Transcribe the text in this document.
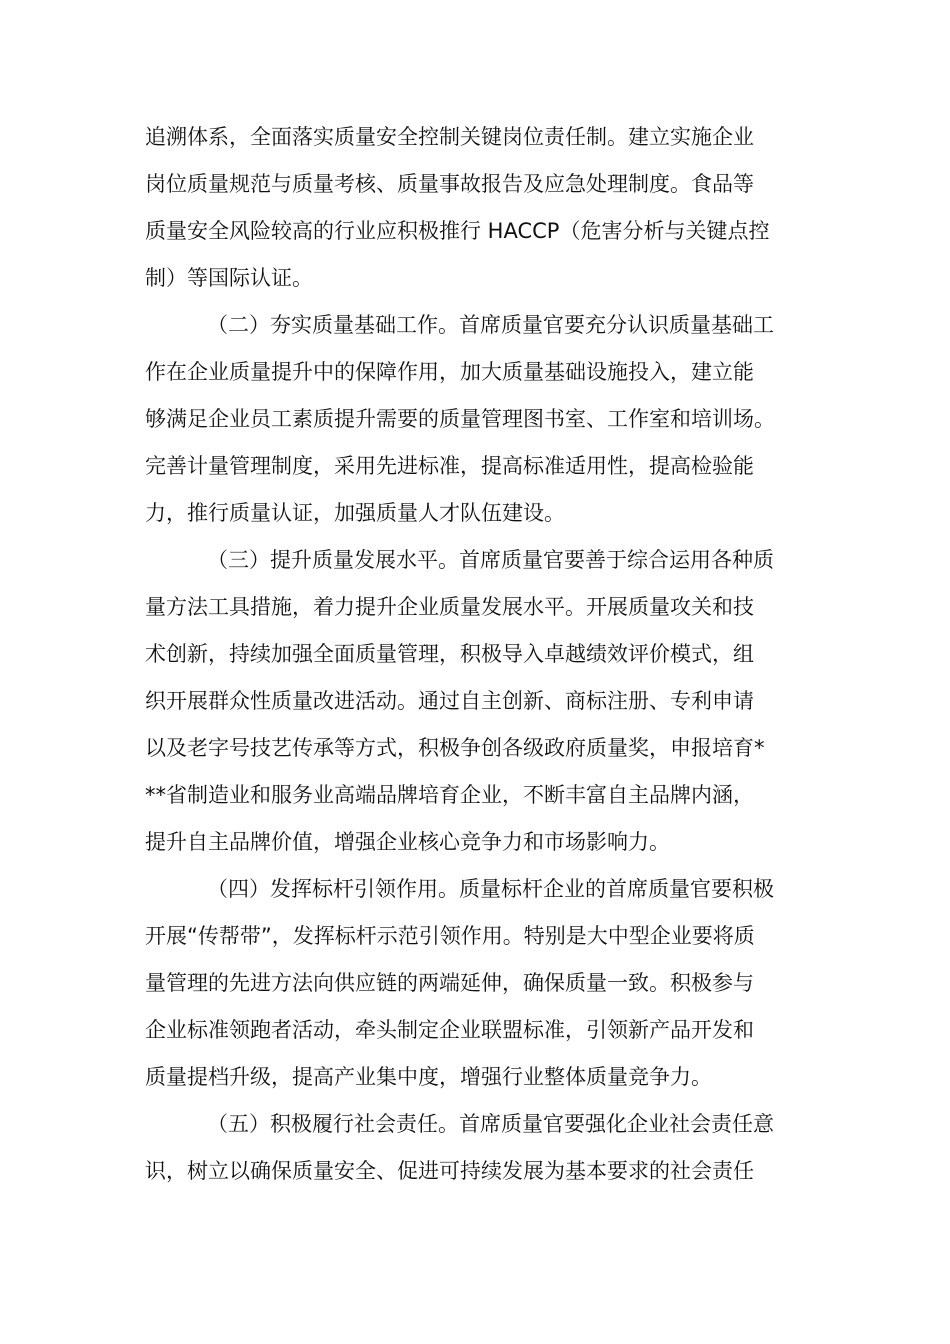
追溯体系，全面落实质量安全控制关键岗位责任制。建立实施企业
岗位质量规范与质量考核、质量事故报告及应急处理制度。食品等
质量安全风险较高的行业应积极推行 HACCP（危害分析与关键点控
制）等国际认证。
（二）夯实质量基础工作。首席质量官要充分认识质量基础工
作在企业质量提升中的保障作用，加大质量基础设施投入，建立能
够满足企业员工素质提升需要的质量管理图书室、工作室和培训场。
完善计量管理制度，采用先进标准，提高标准适用性，提高检验能
力，推行质量认证，加强质量人才队伍建设。
（三）提升质量发展水平。首席质量官要善于综合运用各种质
量方法工具措施，着力提升企业质量发展水平。开展质量攻关和技
术创新，持续加强全面质量管理，积极导入卓越绩效评价模式，组
织开展群众性质量改进活动。通过自主创新、商标注册、专利申请
以及老字号技艺传承等方式，积极争创各级政府质量奖，申报培育*
**省制造业和服务业高端品牌培育企业，不断丰富自主品牌内涵，
提升自主品牌价值，增强企业核心竞争力和市场影响力。
（四）发挥标杆引领作用。质量标杆企业的首席质量官要积极
开展“传帮带”，发挥标杆示范引领作用。特别是大中型企业要将质
量管理的先进方法向供应链的两端延伸，确保质量一致。积极参与
企业标准领跑者活动，牵头制定企业联盟标准，引领新产品开发和
质量提档升级，提高产业集中度，增强行业整体质量竞争力。
（五）积极履行社会责任。首席质量官要强化企业社会责任意
识，树立以确保质量安全、促进可持续发展为基本要求的社会责任
